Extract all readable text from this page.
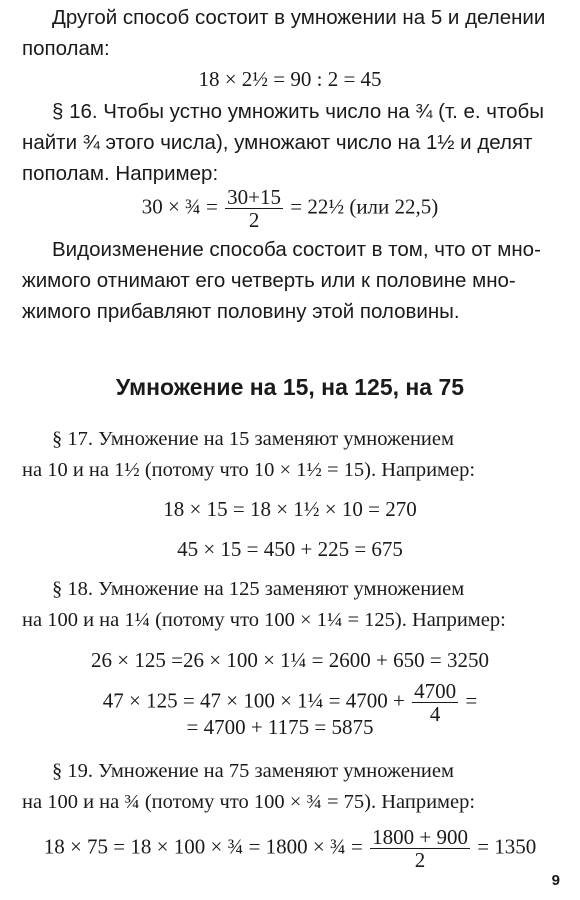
Другой способ состоит в умножении на 5 и делении
пополам:
18 × 2½ = 90 : 2 = 45
§ 16. Чтобы устно умножить число на ¾ (т. е. чтобы
найти ¾ этого числа), умножают число на 1½ и делят
пополам. Например:
30 × ¾ = $\frac{30+15}{2}$ = 22½ (или 22,5)
Видоизменение способа состоит в том, что от мно-
жимого отнимают его четверть или к половине мно-
жимого прибавляют половину этой половины.
Умножение на 15, на 125, на 75
§ 17. Умножение на 15 заменяют умножением
на 10 и на 1½ (потому что 10 × 1½ = 15). Например:
18 × 15 = 18 × 1½ × 10 = 270
45 × 15 = 450 + 225 = 675
§ 18. Умножение на 125 заменяют умножением
на 100 и на 1¼ (потому что 100 × 1¼ = 125). Например:
26 × 125 =26 × 100 × 1¼ = 2600 + 650 = 3250
47 × 125 = 47 × 100 × 1¼ = $4700 + \frac{4700}{4}$ =
= 4700 + 1175 = 5875
§ 19. Умножение на 75 заменяют умножением
на 100 и на ¾ (потому что 100 × ¾ = 75). Например:
18 × 75 = 18 × 100 × ¾ = 1800 × ¾ = $\frac{1800 + 900}{2} = 1350$
9
